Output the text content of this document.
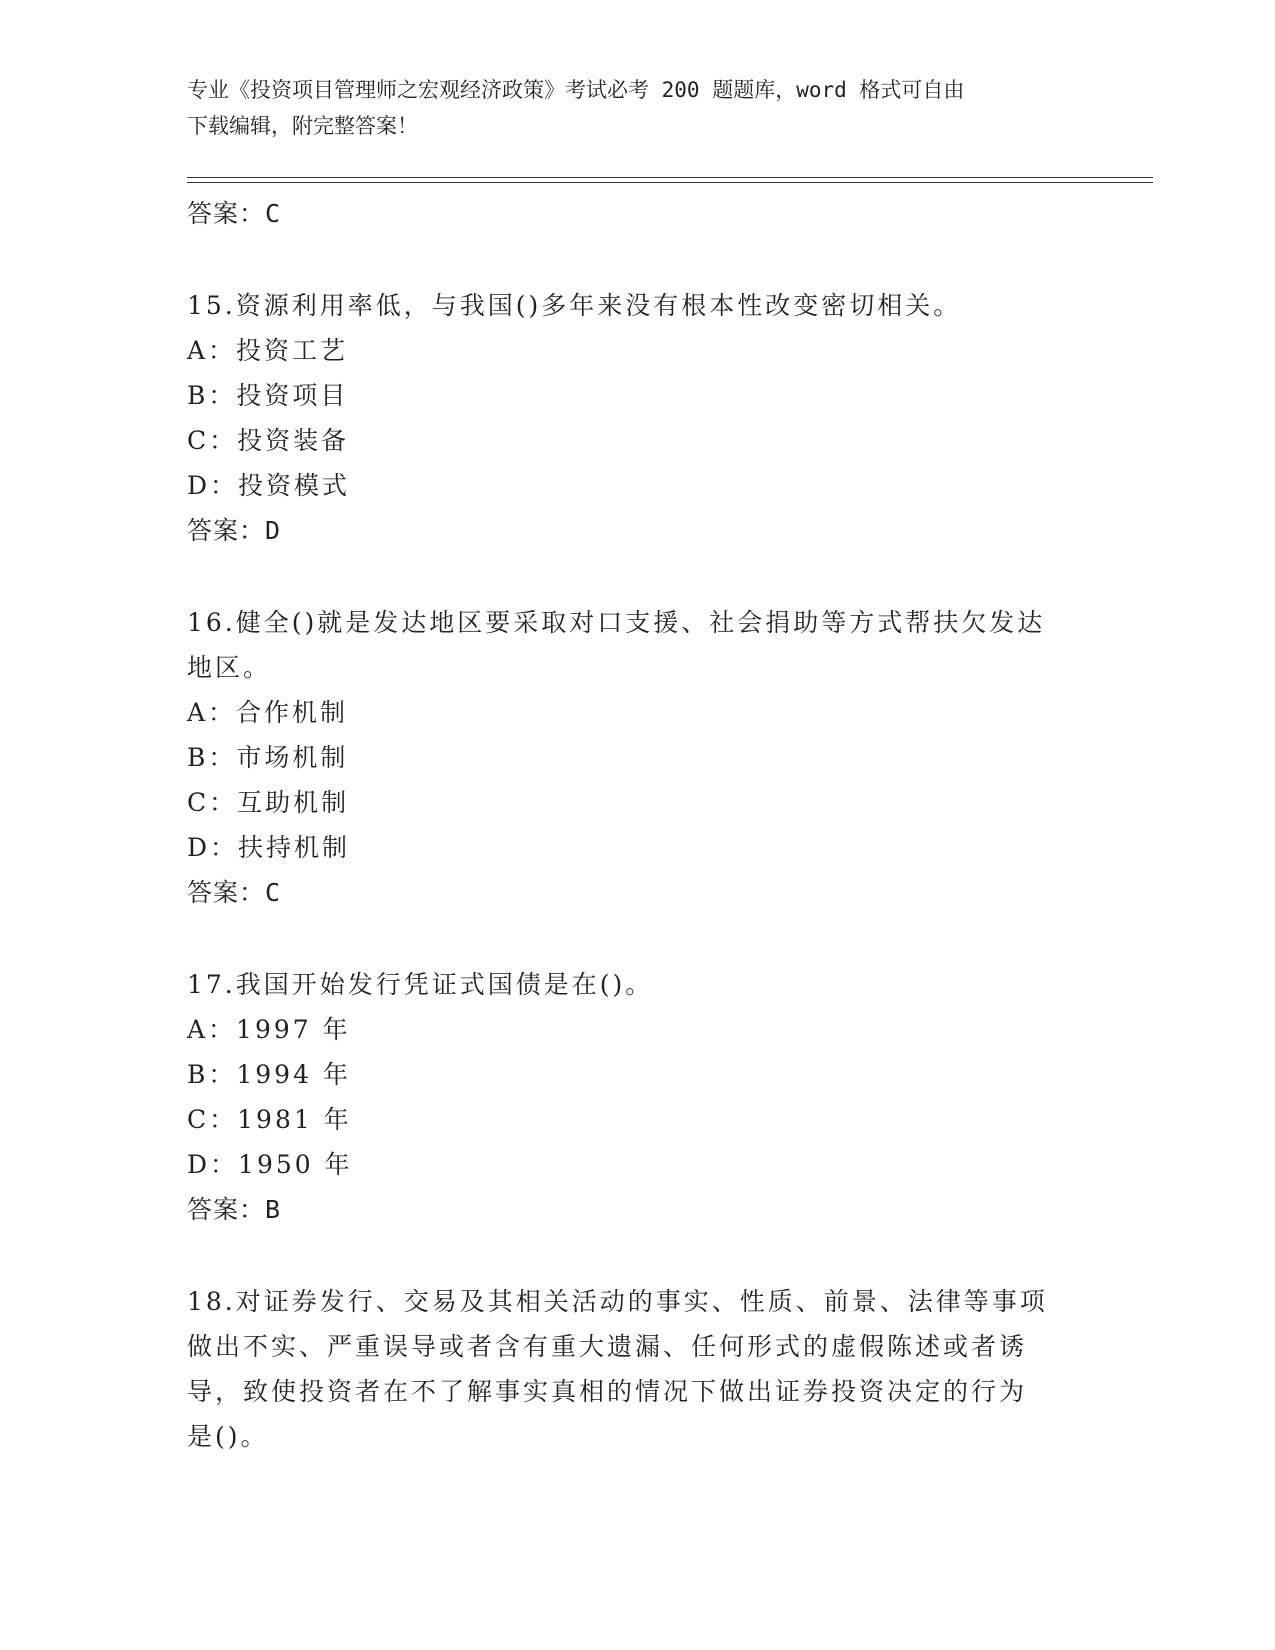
专业《投资项目管理师之宏观经济政策》考试必考 200 题题库，word 格式可自由
下载编辑，附完整答案！
答案：C
15.资源利用率低，与我国()多年来没有根本性改变密切相关。
A：投资工艺
B：投资项目
C：投资装备
D：投资模式
答案：D
16.健全()就是发达地区要采取对口支援、社会捐助等方式帮扶欠发达
地区。
A：合作机制
B：市场机制
C：互助机制
D：扶持机制
答案：C
17.我国开始发行凭证式国债是在()。
A：1997 年
B：1994 年
C：1981 年
D：1950 年
答案：B
18.对证券发行、交易及其相关活动的事实、性质、前景、法律等事项
做出不实、严重误导或者含有重大遗漏、任何形式的虚假陈述或者诱
导，致使投资者在不了解事实真相的情况下做出证券投资决定的行为
是()。
